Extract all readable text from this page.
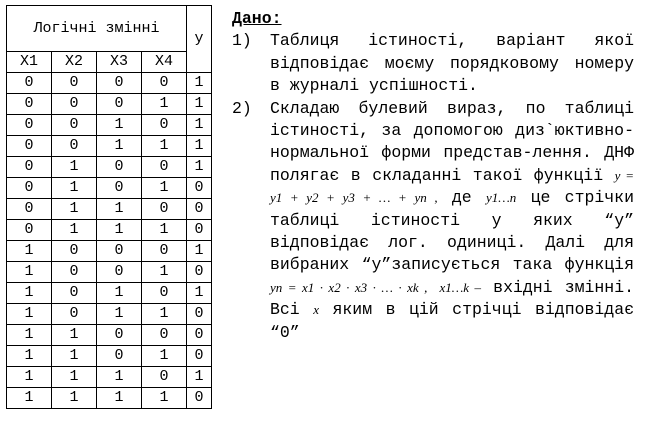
Логічні змінні				y
X1	X2	X3	X4	
0	0	0	0	1
0	0	0	1	1
0	0	1	0	1
0	0	1	1	1
0	1	0	0	1
0	1	0	1	0
0	1	1	0	0
0	1	1	1	0
1	0	0	0	1
1	0	0	1	0
1	0	1	0	1
1	0	1	1	0
1	1	0	0	0
1	1	0	1	0
1	1	1	0	1
1	1	1	1	0
Дано:
1)	Таблиця істиності, варіант якої відповідає моєму порядковому номеру в журналі успішності.
2)	Складаю булевий вираз, по таблиці істиності, за допомогою диз`юктивно-нормальної форми представ-лення. ДНФ полягає в складанні такої функції y = y1 + y2 + y3 + … + yn , де y1…n це стрічки таблиці істиності у яких “y” відповідає лог. одиниці. Далі для вибраних “y”записується така функція yn = x1 · x2 · x3 · … · xk , x1…k – вхідні змінні. Всі x яким в цій стрічці відповідає “0”
